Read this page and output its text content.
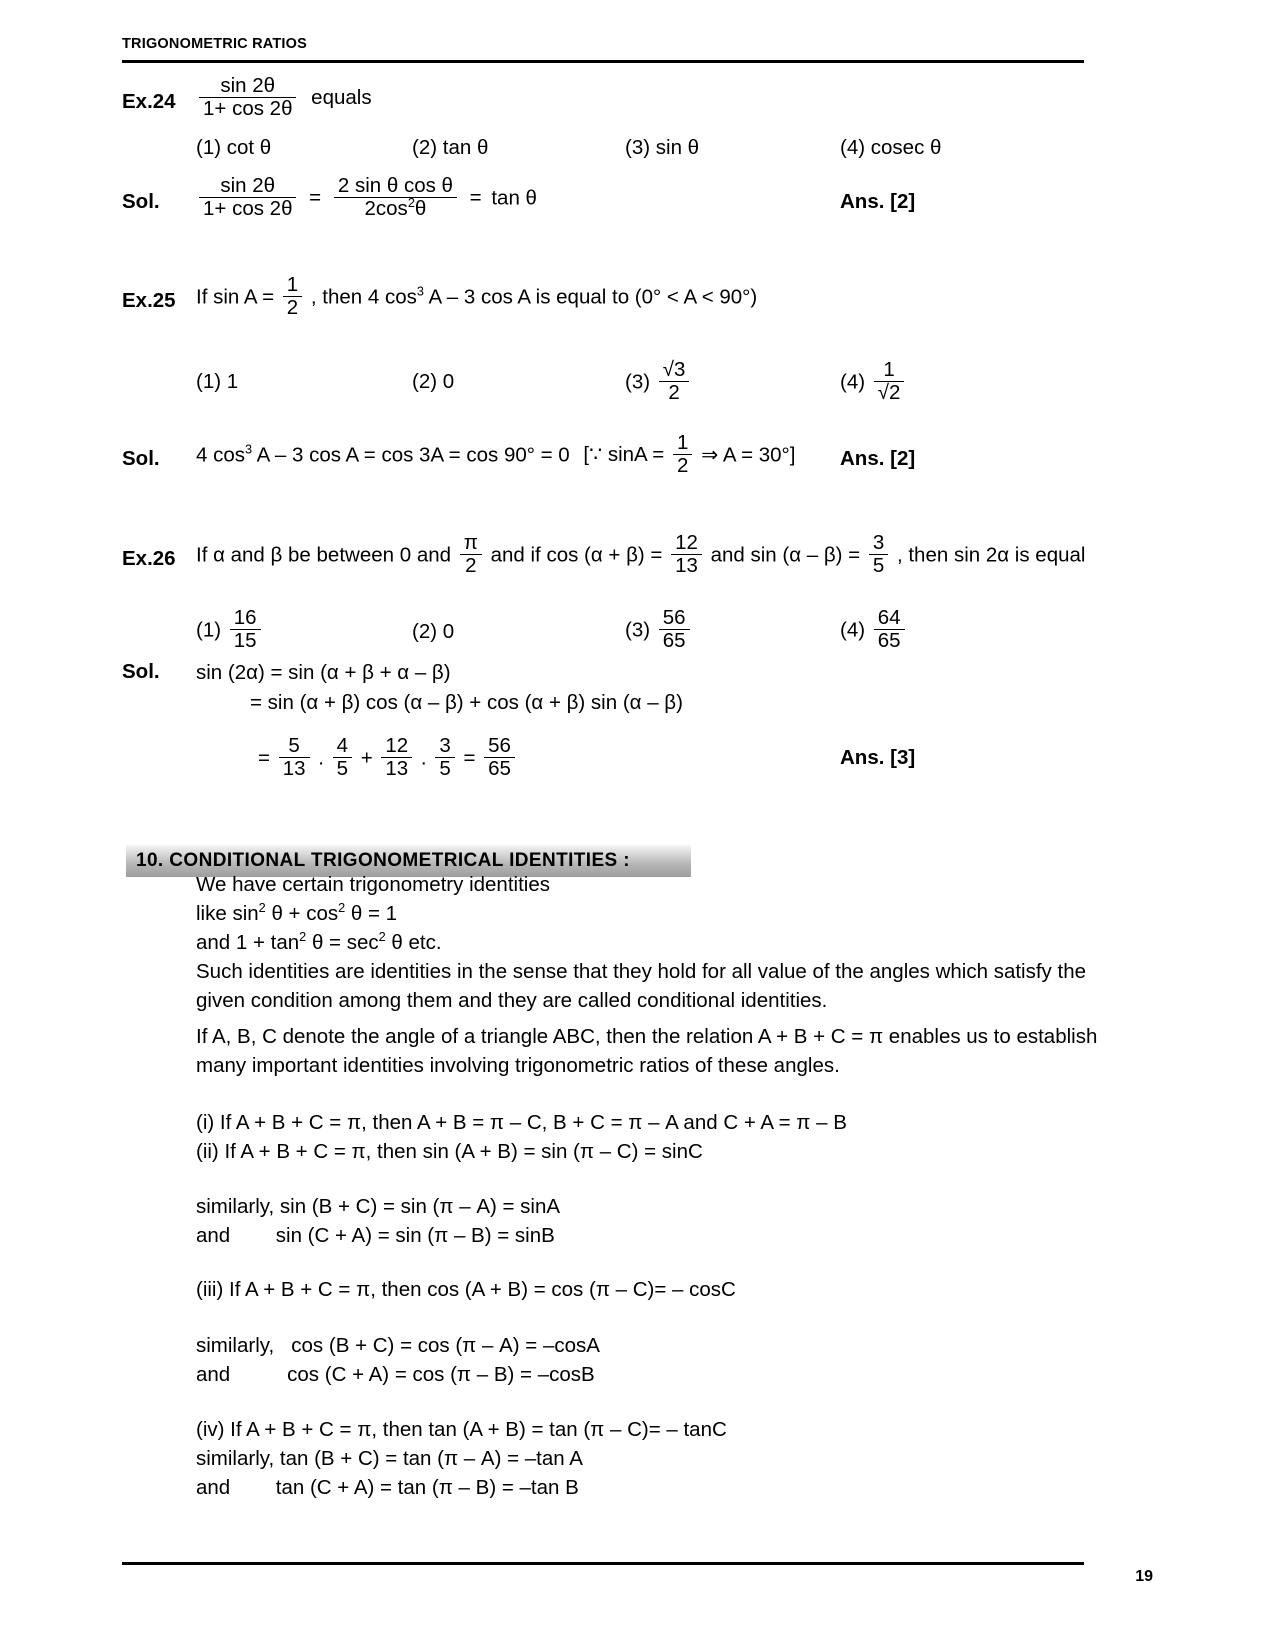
TRIGONOMETRIC RATIOS
$Ex.24 \frac{\sin 2\theta}{1+ \cos 2\theta}$ equals
(1) cot θ	(2) tan θ	(3) sin θ	(4) cosec θ
Sol. $\frac{\sin 2\theta}{1+ \cos 2\theta} = \frac{\text{2 sin θ cos θ}}{2\cos^2\theta} = \tan \theta$	Ans. [2]
Ex.25 If $\sin A = \frac{1}{2}$ , then 4 $\cos^3 A - 3$ cos A is equal to (0° < A < 90°)
(1) 1	(2) 0	$(3) \frac{√3}{2}$	$(4) \frac{1}{√2}$
Sol. 4 $\cos^3 A - 3$ cos A = cos 3A = cos 90° = 0 [∵ $\sin A = \frac{1}{2}$ ⇒ A = 30°] Ans. [2]
Ex.26 If α and β be between 0 and $\frac{\pi}{2}$ and if $\cos (\alpha + \beta) = \frac{12}{13}$ and $\sin (\alpha - \beta) = \frac{3}{5}$ , then sin 2α is equal
$(1) \frac{16}{15}$	(2) 0	$(3) \frac{56}{65}$	$(4) \frac{64}{65}$
Sol. sin (2α) = sin (α + β + α – β)
= sin (α + β) cos (α – β) + cos (α + β) sin (α – β)
= $\frac{5}{13}$ . $\frac{4}{5} + \frac{12}{13}$ . $\frac{3}{5} = \frac{56}{65}$	Ans. [3]
10. CONDITIONAL TRIGONOMETRICAL IDENTITIES :
We have certain trigonometry identities
like $\sin^2 \theta + \cos^2 \theta = 1$
and $1 + \tan^2 \theta = \sec^2 \theta$ etc.
Such identities are identities in the sense that they hold for all value of the angles which satisfy the given condition among them and they are called conditional identities.
If A, B, C denote the angle of a triangle ABC, then the relation A + B + C = π enables us to establish many important identities involving trigonometric ratios of these angles.
(i) If A + B + C = π, then A + B = π – C, B + C = π – A and C + A = π – B
(ii) If A + B + C = π, then sin (A + B) = sin (π – C) = sinC
similarly, sin (B + C) = sin (π – A) = sinA
and        sin (C + A) = sin (π – B) = sinB
(iii) If A + B + C = π, then cos (A + B) = cos (π – C)= – cosC
similarly,   cos (B + C) = cos (π – A) = –cosA
and          cos (C + A) = cos (π – B) = –cosB
(iv) If A + B + C = π, then tan (A + B) = tan (π – C)= – tanC
similarly, tan (B + C) = tan (π – A) = –tan A
and        tan (C + A) = tan (π – B) = –tan B
19
